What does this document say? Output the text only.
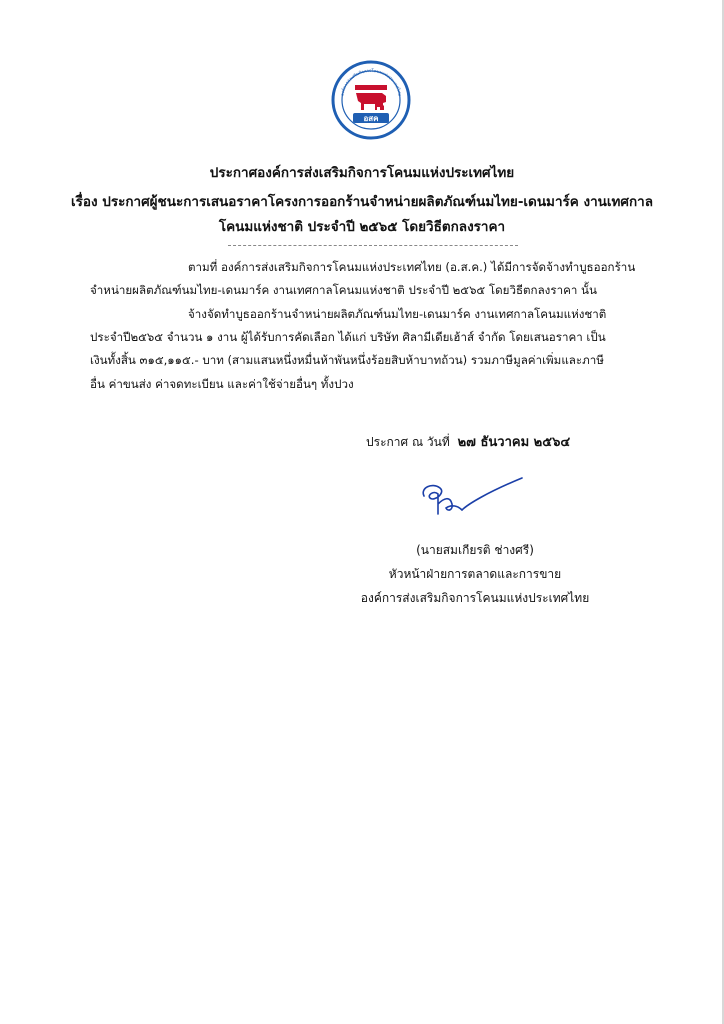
องค์การส่งเสริมกิจการโคนมแห่งประเทศไทย
อสค
ประกาศองค์การส่งเสริมกิจการโคนมแห่งประเทศไทย
เรื่อง ประกาศผู้ชนะการเสนอราคาโครงการออกร้านจำหน่ายผลิตภัณฑ์นมไทย-เดนมาร์ค งานเทศกาล
โคนมแห่งชาติ ประจำปี ๒๕๖๕ โดยวิธีตกลงราคา
ตามที่ องค์การส่งเสริมกิจการโคนมแห่งประเทศไทย (อ.ส.ค.) ได้มีการจัดจ้างทำบูธออกร้าน
จำหน่ายผลิตภัณฑ์นมไทย-เดนมาร์ค งานเทศกาลโคนมแห่งชาติ ประจำปี ๒๕๖๕ โดยวิธีตกลงราคา นั้น
จ้างจัดทำบูธออกร้านจำหน่ายผลิตภัณฑ์นมไทย-เดนมาร์ค งานเทศกาลโคนมแห่งชาติ
ประจำปี๒๕๖๕ จำนวน ๑ งาน ผู้ได้รับการคัดเลือก ได้แก่ บริษัท ศิลามีเดียเฮ้าส์ จำกัด โดยเสนอราคา เป็น
เงินทั้งสิ้น ๓๑๕,๑๑๕.- บาท (สามแสนหนึ่งหมื่นห้าพันหนึ่งร้อยสิบห้าบาทถ้วน) รวมภาษีมูลค่าเพิ่มและภาษี
อื่น ค่าขนส่ง ค่าจดทะเบียน และค่าใช้จ่ายอื่นๆ ทั้งปวง
ประกาศ ณ วันที่ ๒๗ ธันวาคม ๒๕๖๔
(นายสมเกียรติ ช่างศรี)
หัวหน้าฝ่ายการตลาดและการขาย
องค์การส่งเสริมกิจการโคนมแห่งประเทศไทย
